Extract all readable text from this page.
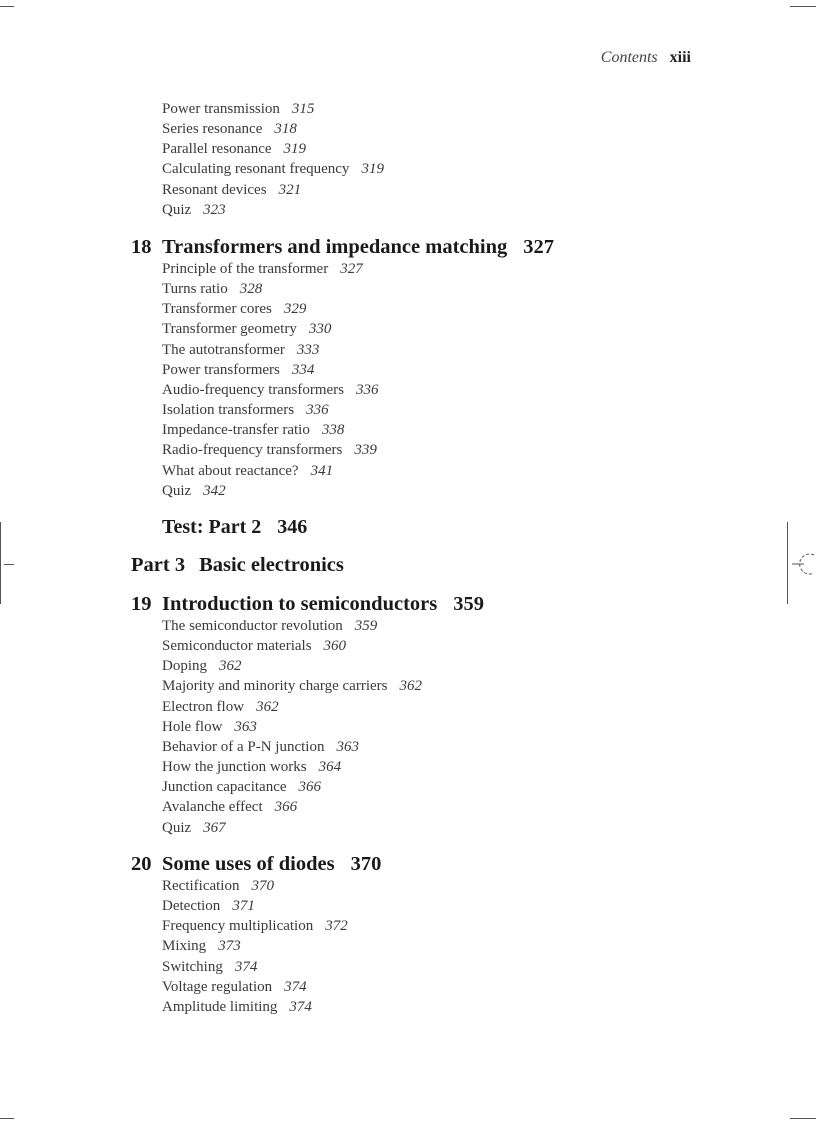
Contents xiii
Power transmission 315
Series resonance 318
Parallel resonance 319
Calculating resonant frequency 319
Resonant devices 321
Quiz 323
18 Transformers and impedance matching 327
Principle of the transformer 327
Turns ratio 328
Transformer cores 329
Transformer geometry 330
The autotransformer 333
Power transformers 334
Audio-frequency transformers 336
Isolation transformers 336
Impedance-transfer ratio 338
Radio-frequency transformers 339
What about reactance? 341
Quiz 342
Test: Part 2 346
Part 3 Basic electronics
19 Introduction to semiconductors 359
The semiconductor revolution 359
Semiconductor materials 360
Doping 362
Majority and minority charge carriers 362
Electron flow 362
Hole flow 363
Behavior of a P-N junction 363
How the junction works 364
Junction capacitance 366
Avalanche effect 366
Quiz 367
20 Some uses of diodes 370
Rectification 370
Detection 371
Frequency multiplication 372
Mixing 373
Switching 374
Voltage regulation 374
Amplitude limiting 374
